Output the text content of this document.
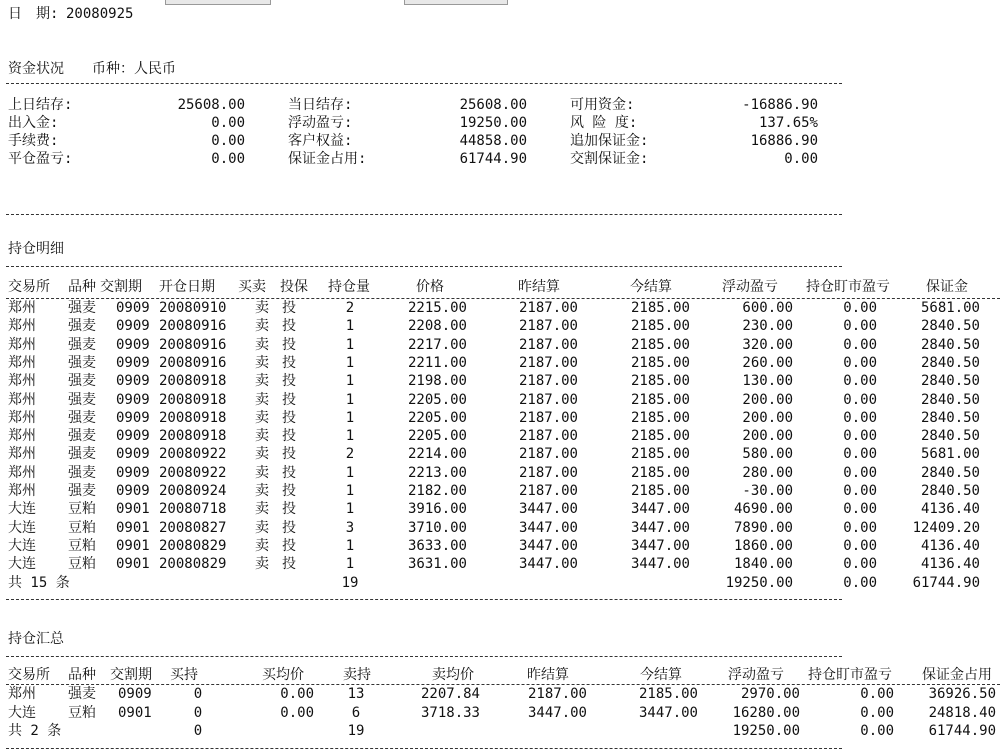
日　期: 20080925
资金状况 币种：人民币
上日结存:	25608.00
出入金:	0.00
手续费:	0.00
平仓盈亏:	0.00
当日结存:	25608.00
浮动盈亏:	19250.00
客户权益:	44858.00
保证金占用:	61744.90
可用资金:	-16886.90
风 险 度:	137.65%
追加保证金:	16886.90
交割保证金:	0.00
持仓明细
交易所 品种 交割期 开仓日期 买卖 投保 持仓量	价格	昨结算	今结算	浮动盈亏 持仓盯市盈亏	保证金
郑州 强麦 0909 20080910 卖 投	2	2215.00	2187.00	2185.00	600.00	0.00	5681.00
郑州 强麦 0909 20080916 卖 投	1	2208.00	2187.00	2185.00	230.00	0.00	2840.50
郑州 强麦 0909 20080916 卖 投	1	2217.00	2187.00	2185.00	320.00	0.00	2840.50
郑州 强麦 0909 20080916 卖 投	1	2211.00	2187.00	2185.00	260.00	0.00	2840.50
郑州 强麦 0909 20080918 卖 投	1	2198.00	2187.00	2185.00	130.00	0.00	2840.50
郑州 强麦 0909 20080918 卖 投	1	2205.00	2187.00	2185.00	200.00	0.00	2840.50
郑州 强麦 0909 20080918 卖 投	1	2205.00	2187.00	2185.00	200.00	0.00	2840.50
郑州 强麦 0909 20080918 卖 投	1	2205.00	2187.00	2185.00	200.00	0.00	2840.50
郑州 强麦 0909 20080922 卖 投	2	2214.00	2187.00	2185.00	580.00	0.00	5681.00
郑州 强麦 0909 20080922 卖 投	1	2213.00	2187.00	2185.00	280.00	0.00	2840.50
郑州 强麦 0909 20080924 卖 投	1	2182.00	2187.00	2185.00	-30.00	0.00	2840.50
大连 豆粕 0901 20080718 卖 投	1	3916.00	3447.00	3447.00	4690.00	0.00	4136.40
大连 豆粕 0901 20080827 卖 投	3	3710.00	3447.00	3447.00	7890.00	0.00	12409.20
大连 豆粕 0901 20080829 卖 投	1	3633.00	3447.00	3447.00	1860.00	0.00	4136.40
大连 豆粕 0901 20080829 卖 投	1	3631.00	3447.00	3447.00	1840.00	0.00	4136.40
共 15 条	19	19250.00	0.00	61744.90
持仓汇总
交易所 品种 交割期 买持	买均价	卖持	卖均价	昨结算	今结算	浮动盈亏 持仓盯市盈亏 保证金占用
郑州 强麦 0909	0	0.00 13	2207.84	2187.00	2185.00	2970.00	0.00 36926.50
大连 豆粕 0901	0	0.00	6	3718.33	3447.00	3447.00 16280.00	0.00 24818.40
共 2 条	0	19	19250.00	0.00 61744.90
